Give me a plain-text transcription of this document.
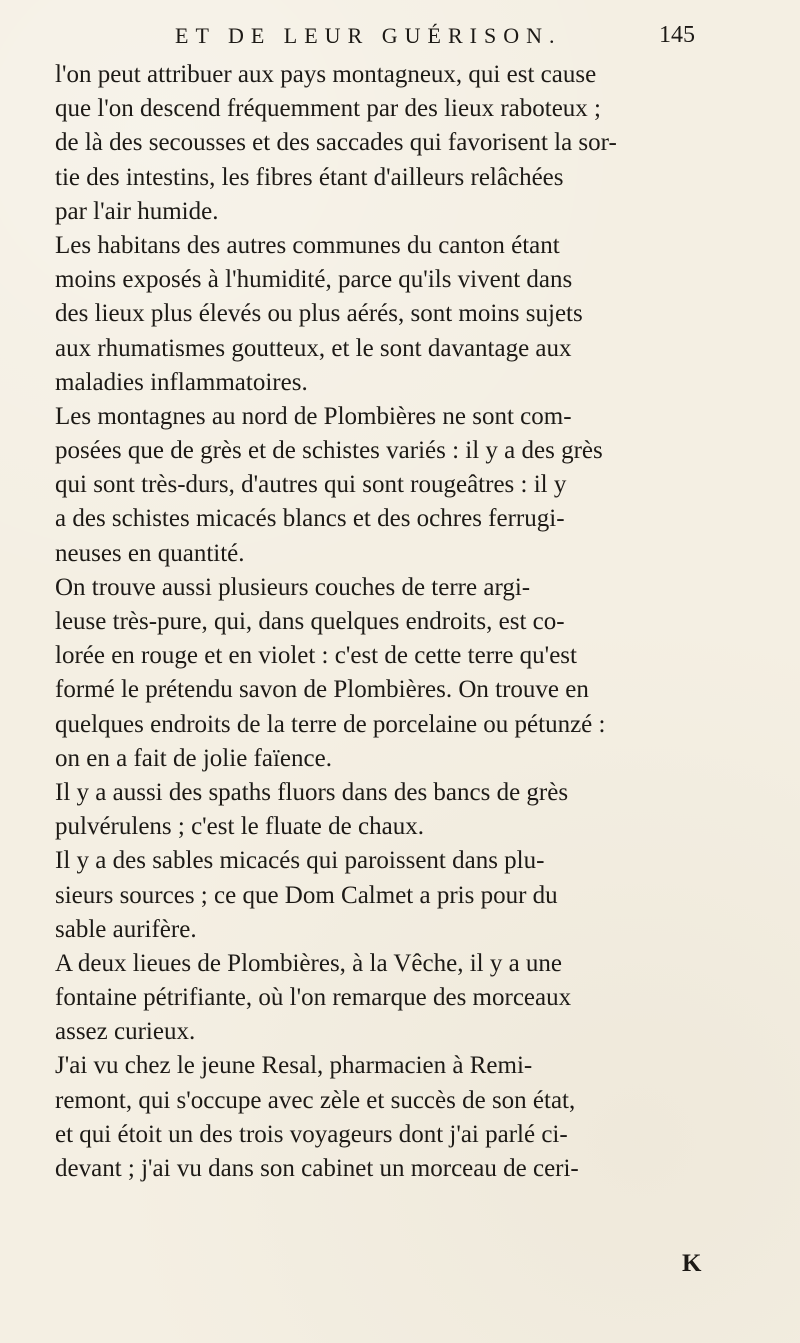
ET DE LEUR GUÉRISON.	145
l'on peut attribuer aux pays montagneux, qui est cause
que l'on descend fréquemment par des lieux raboteux ;
de là des secousses et des saccades qui favorisent la sor-
tie des intestins, les fibres étant d'ailleurs relâchées
par l'air humide.
Les habitans des autres communes du canton étant
moins exposés à l'humidité, parce qu'ils vivent dans
des lieux plus élevés ou plus aérés, sont moins sujets
aux rhumatismes goutteux, et le sont davantage aux
maladies inflammatoires.
Les montagnes au nord de Plombières ne sont com-
posées que de grès et de schistes variés : il y a des grès
qui sont très-durs, d'autres qui sont rougeâtres : il y
a des schistes micacés blancs et des ochres ferrugi-
neuses en quantité.
On trouve aussi plusieurs couches de terre argi-
leuse très-pure, qui, dans quelques endroits, est co-
lorée en rouge et en violet : c'est de cette terre qu'est
formé le prétendu savon de Plombières. On trouve en
quelques endroits de la terre de porcelaine ou pétunzé :
on en a fait de jolie faïence.
Il y a aussi des spaths fluors dans des bancs de grès
pulvérulens ; c'est le fluate de chaux.
Il y a des sables micacés qui paroissent dans plu-
sieurs sources ; ce que Dom Calmet a pris pour du
sable aurifère.
A deux lieues de Plombières, à la Vêche, il y a une
fontaine pétrifiante, où l'on remarque des morceaux
assez curieux.
J'ai vu chez le jeune Resal, pharmacien à Remi-
remont, qui s'occupe avec zèle et succès de son état,
et qui étoit un des trois voyageurs dont j'ai parlé ci-
devant ; j'ai vu dans son cabinet un morceau de ceri-
K
